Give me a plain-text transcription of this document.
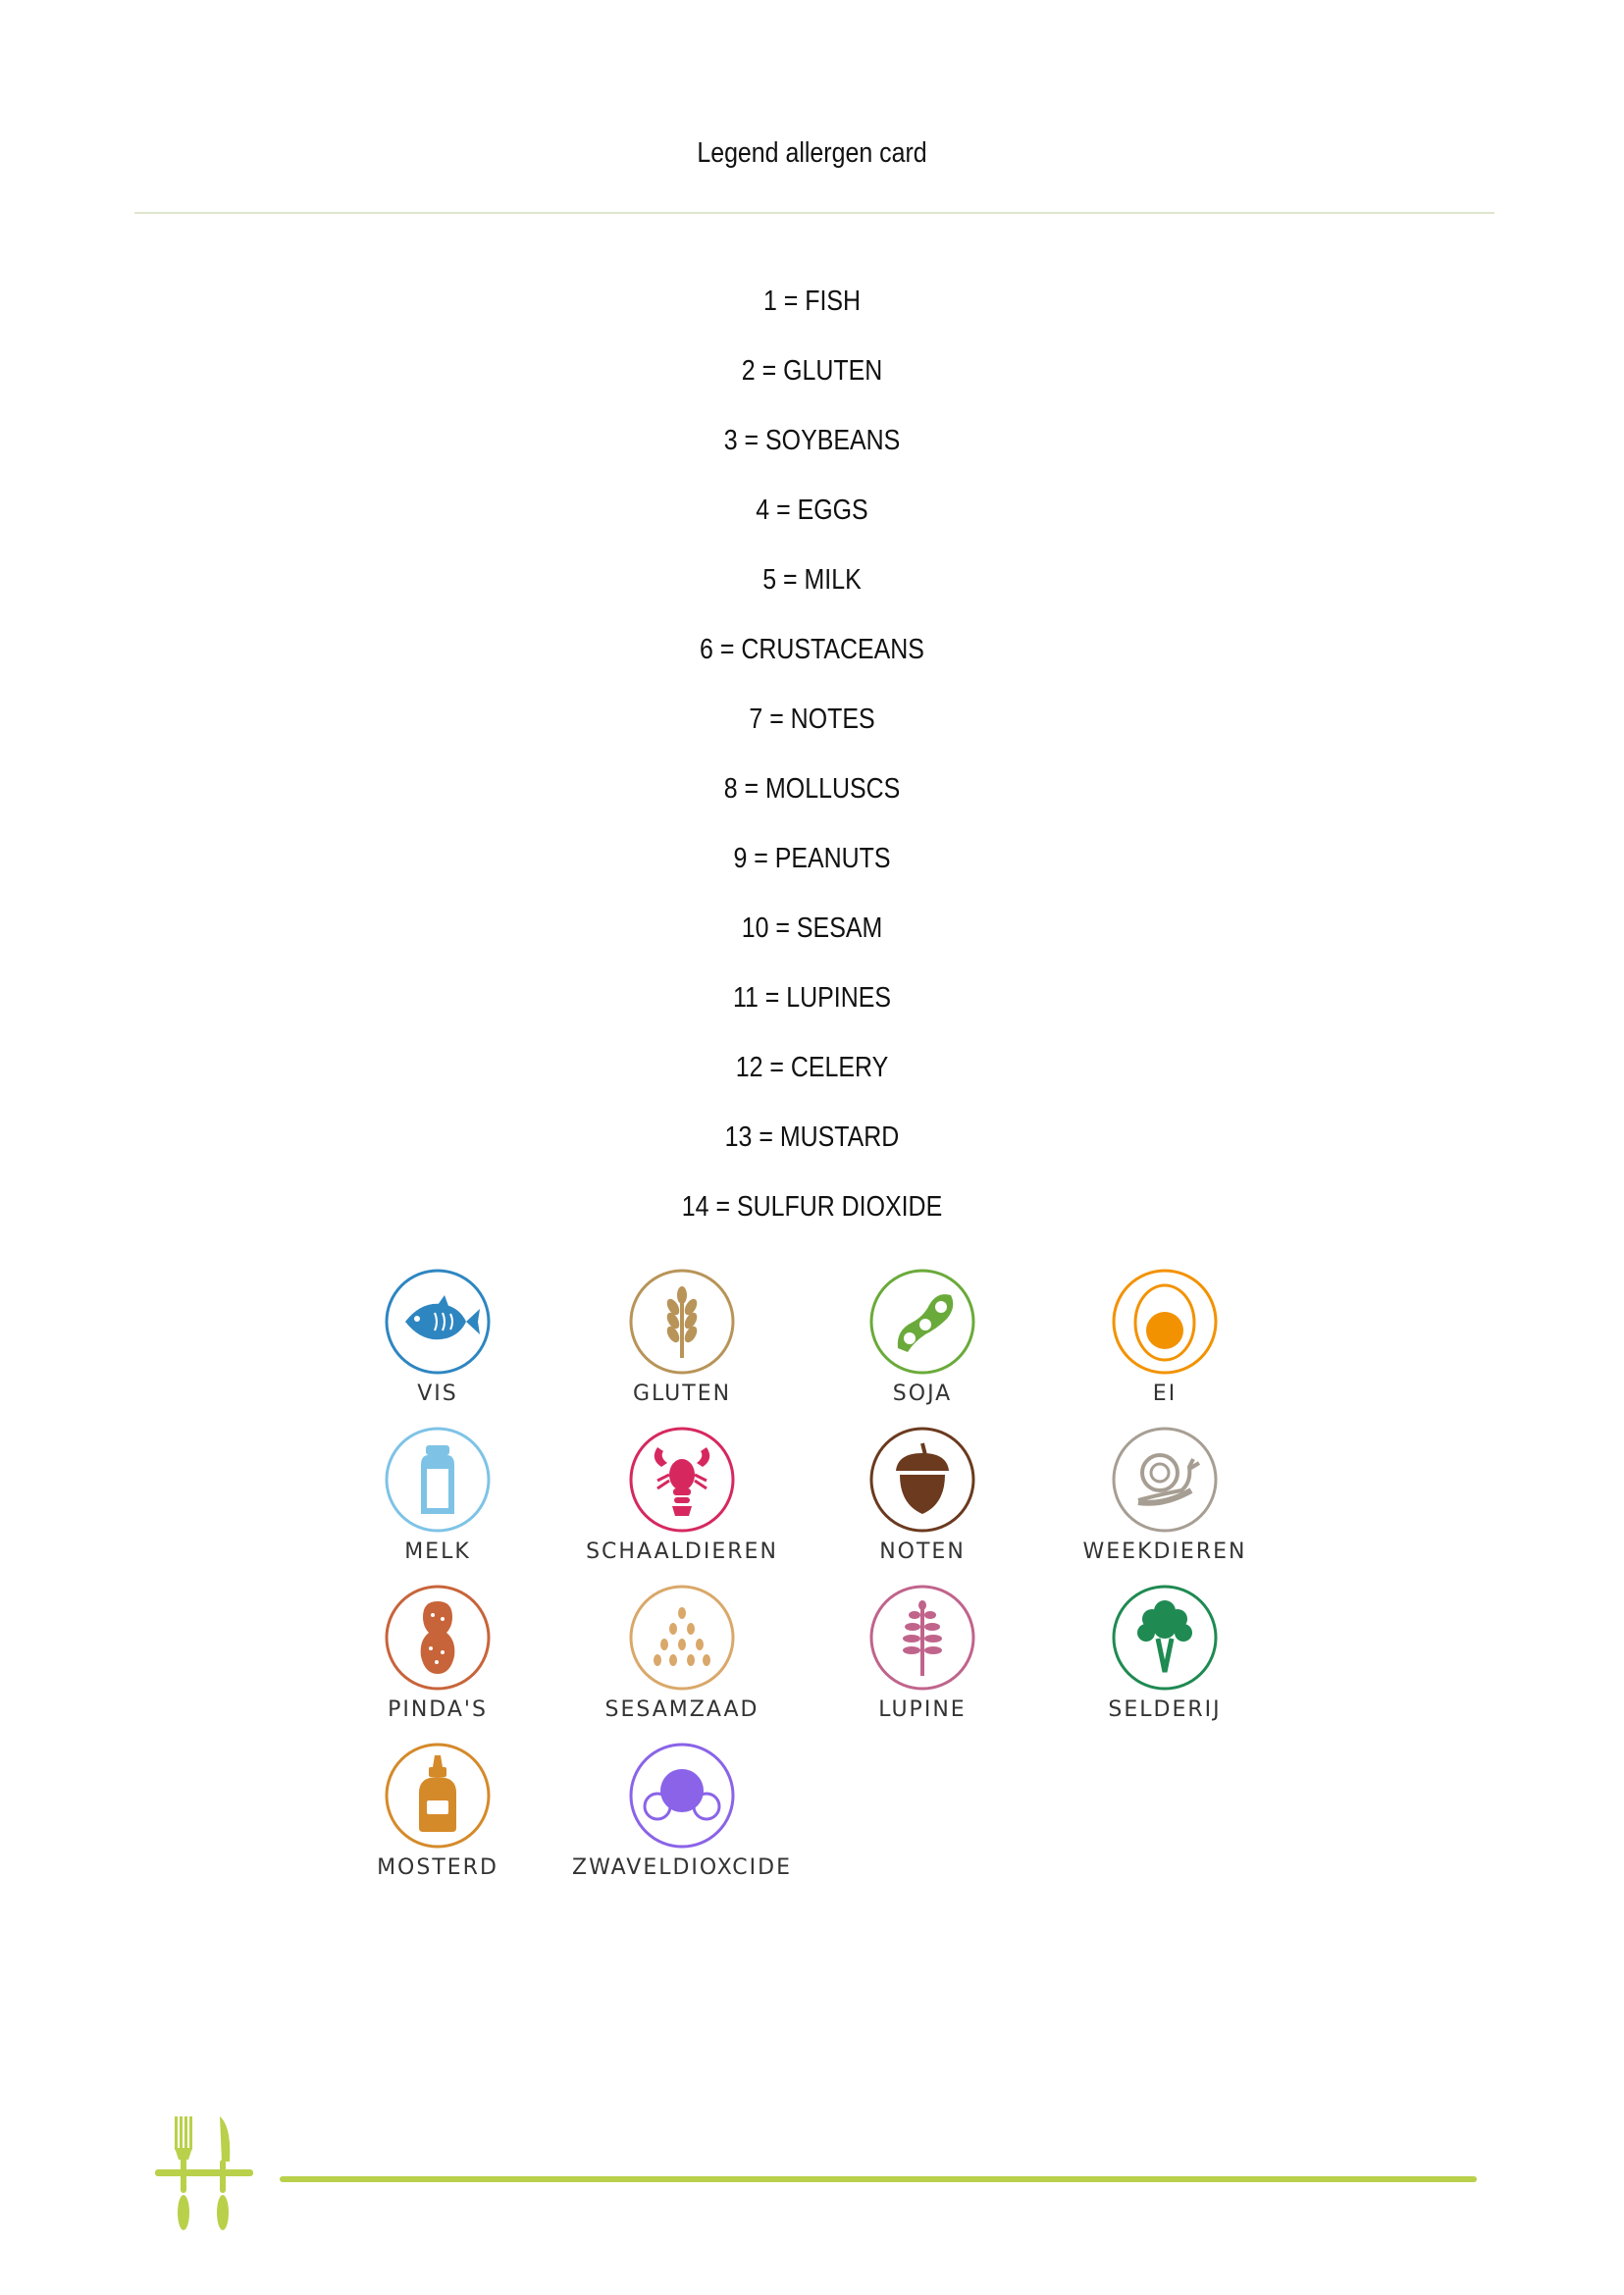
Legend allergen card
1 = FISH
2 = GLUTEN
3 = SOYBEANS
4 = EGGS
5 = MILK
6 = CRUSTACEANS
7 = NOTES
8 = MOLLUSCS
9 = PEANUTS
10 = SESAM
11 = LUPINES
12 = CELERY
13 = MUSTARD
14 = SULFUR DIOXIDE
VIS	GLUTEN	SOJA	EI
MELK	SCHAALDIEREN	NOTEN	WEEKDIEREN
PINDA'S	SESAMZAAD	LUPINE	SELDERIJ
MOSTERD	ZWAVELDIOXCIDE
